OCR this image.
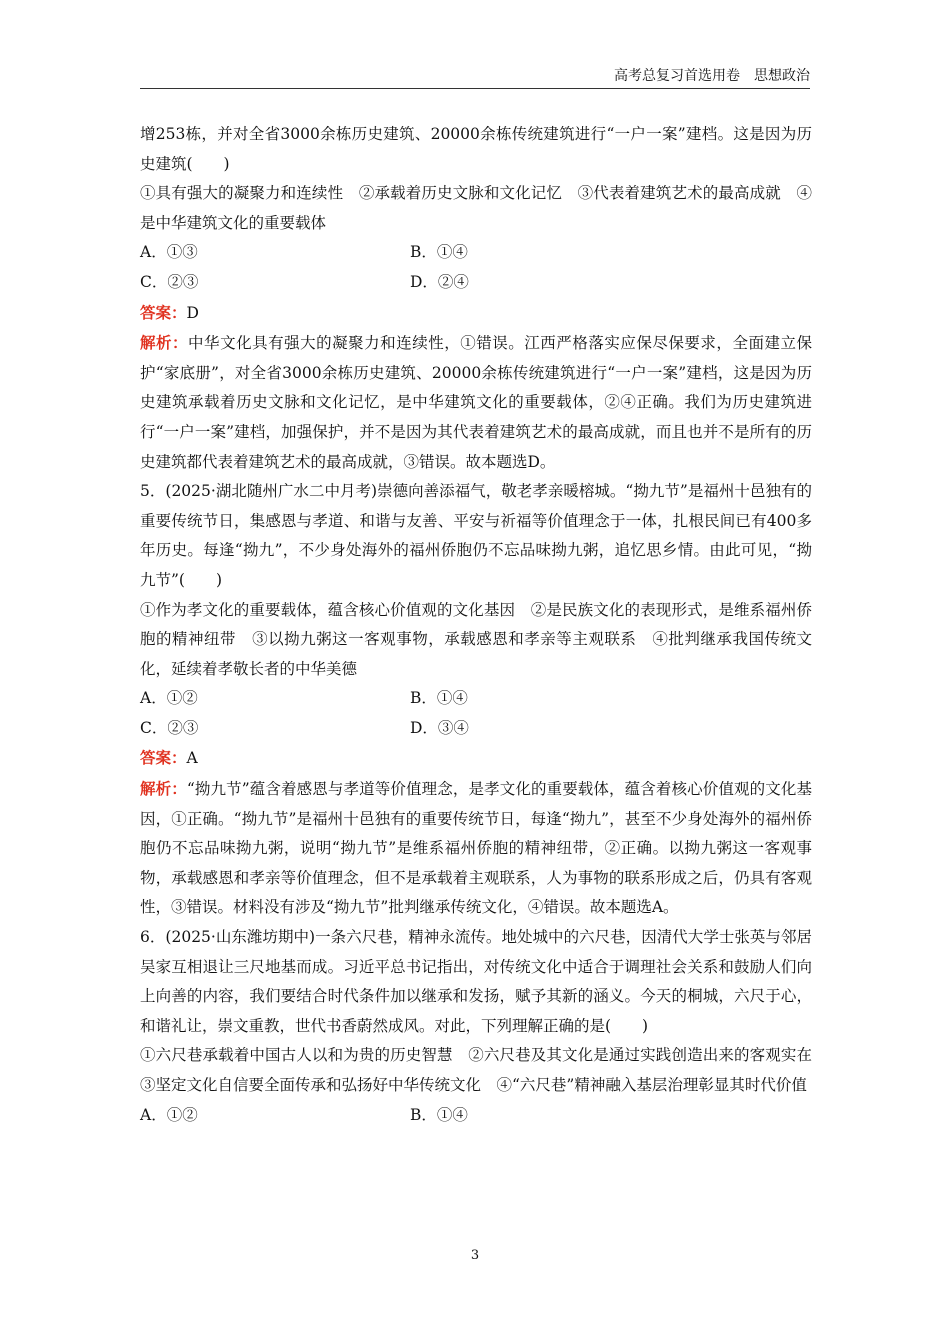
高考总复习首选用卷　思想政治

增253栋，并对全省3000余栋历史建筑、20000余栋传统建筑进行“一户一案”建档。这是因为历史建筑(　　)

①具有强大的凝聚力和连续性　②承载着历史文脉和文化记忆　③代表着建筑艺术的最高成就　④是中华建筑文化的重要载体

A．①③	B．①④
C．②③	D．②④

答案：D

解析：中华文化具有强大的凝聚力和连续性，①错误。江西严格落实应保尽保要求，全面建立保护“家底册”，对全省3000余栋历史建筑、20000余栋传统建筑进行“一户一案”建档，这是因为历史建筑承载着历史文脉和文化记忆，是中华建筑文化的重要载体，②④正确。我们为历史建筑进行“一户一案”建档，加强保护，并不是因为其代表着建筑艺术的最高成就，而且也并不是所有的历史建筑都代表着建筑艺术的最高成就，③错误。故本题选D。

5．(2025·湖北随州广水二中月考)崇德向善添福气，敬老孝亲暖榕城。“拗九节”是福州十邑独有的重要传统节日，集感恩与孝道、和谐与友善、平安与祈福等价值理念于一体，扎根民间已有400多年历史。每逢“拗九”，不少身处海外的福州侨胞仍不忘品味拗九粥，追忆思乡情。由此可见，“拗九节”(　　)

①作为孝文化的重要载体，蕴含核心价值观的文化基因　②是民族文化的表现形式，是维系福州侨胞的精神纽带　③以拗九粥这一客观事物，承载感恩和孝亲等主观联系　④批判继承我国传统文化，延续着孝敬长者的中华美德

A．①②	B．①④
C．②③	D．③④

答案：A

解析：“拗九节”蕴含着感恩与孝道等价值理念，是孝文化的重要载体，蕴含着核心价值观的文化基因，①正确。“拗九节”是福州十邑独有的重要传统节日，每逢“拗九”，甚至不少身处海外的福州侨胞仍不忘品味拗九粥，说明“拗九节”是维系福州侨胞的精神纽带，②正确。以拗九粥这一客观事物，承载感恩和孝亲等价值理念，但不是承载着主观联系，人为事物的联系形成之后，仍具有客观性，③错误。材料没有涉及“拗九节”批判继承传统文化，④错误。故本题选A。

6．(2025·山东潍坊期中)一条六尺巷，精神永流传。地处城中的六尺巷，因清代大学士张英与邻居吴家互相退让三尺地基而成。习近平总书记指出，对传统文化中适合于调理社会关系和鼓励人们向上向善的内容，我们要结合时代条件加以继承和发扬，赋予其新的涵义。今天的桐城，六尺于心，和谐礼让，崇文重教，世代书香蔚然成风。对此，下列理解正确的是(　　)

①六尺巷承载着中国古人以和为贵的历史智慧　②六尺巷及其文化是通过实践创造出来的客观实在　③坚定文化自信要全面传承和弘扬好中华传统文化　④“六尺巷”精神融入基层治理彰显其时代价值

A．①②	B．①④
3
